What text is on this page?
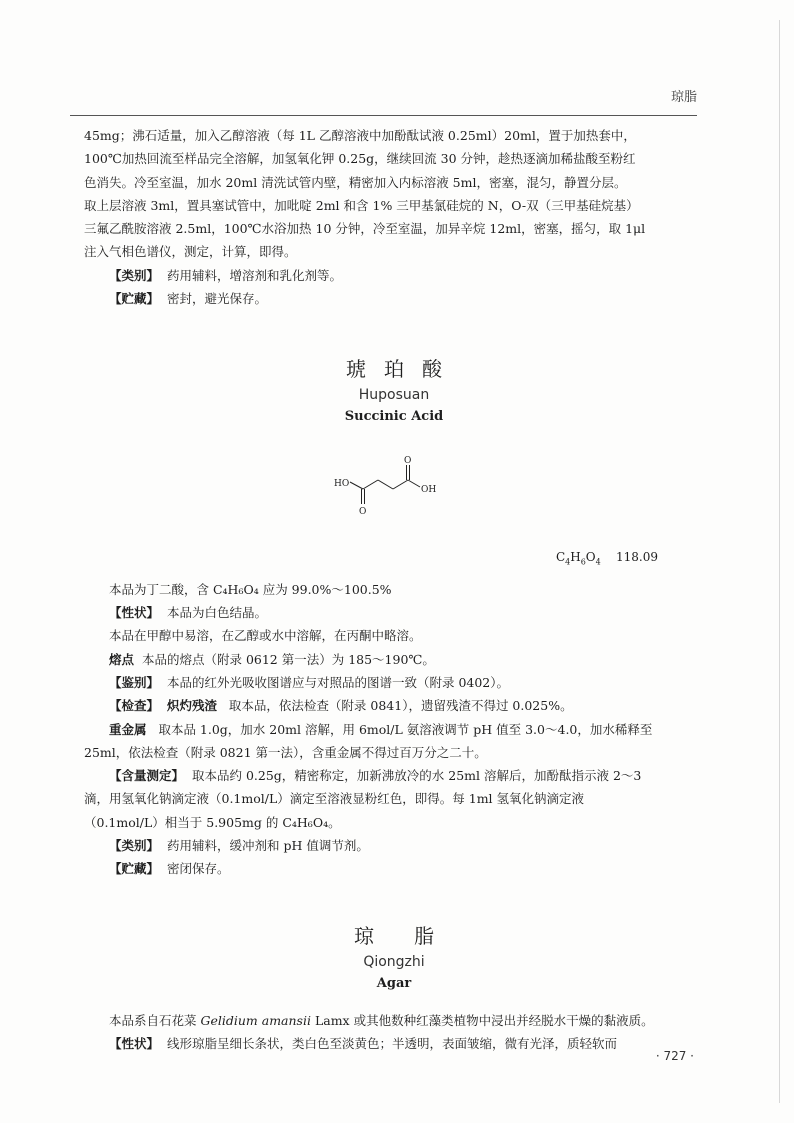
琼脂

45mg；沸石适量，加入乙醇溶液（每 1L 乙醇溶液中加酚酞试液 0.25ml）20ml，置于加热套中，
100℃加热回流至样品完全溶解，加氢氧化钾 0.25g，继续回流 30 分钟，趁热逐滴加稀盐酸至粉红
色消失。冷至室温，加水 20ml 清洗试管内壁，精密加入内标溶液 5ml，密塞，混匀，静置分层。
取上层溶液 3ml，置具塞试管中，加吡啶 2ml 和含 1% 三甲基氯硅烷的 N，O-双（三甲基硅烷基）
三氟乙酰胺溶液 2.5ml，100℃水浴加热 10 分钟，冷至室温，加异辛烷 12ml，密塞，摇匀，取 1μl
注入气相色谱仪，测定，计算，即得。

【类别】 药用辅料，增溶剂和乳化剂等。

【贮藏】 密封，避光保存。

琥珀酸

Huposuan

Succinic Acid

HO
OH
O
O

$C_4H_6O_4$ 118.09

本品为丁二酸，含 C₄H₆O₄ 应为 99.0%～100.5%

【性状】 本品为白色结晶。

本品在甲醇中易溶，在乙醇或水中溶解，在丙酮中略溶。

熔点 本品的熔点（附录 0612 第一法）为 185～190℃。

【鉴别】 本品的红外光吸收图谱应与对照品的图谱一致（附录 0402）。

【检查】 炽灼残渣 取本品，依法检查（附录 0841），遗留残渣不得过 0.025%。

重金属 取本品 1.0g，加水 20ml 溶解，用 6mol/L 氨溶液调节 pH 值至 3.0～4.0，加水稀释至
25ml，依法检查（附录 0821 第一法），含重金属不得过百万分之二十。

【含量测定】 取本品约 0.25g，精密称定，加新沸放冷的水 25ml 溶解后，加酚酞指示液 2～3
滴，用氢氧化钠滴定液（0.1mol/L）滴定至溶液显粉红色，即得。每 1ml 氢氧化钠滴定液
（0.1mol/L）相当于 5.905mg 的 C₄H₆O₄。

【类别】 药用辅料，缓冲剂和 pH 值调节剂。

【贮藏】 密闭保存。

琼脂

Qiongzhi

Agar

本品系自石花菜 Gelidium amansii Lamx 或其他数种红藻类植物中浸出并经脱水干燥的黏液质。

【性状】 线形琼脂呈细长条状，类白色至淡黄色；半透明，表面皱缩，微有光泽，质轻软而

· 727 ·
